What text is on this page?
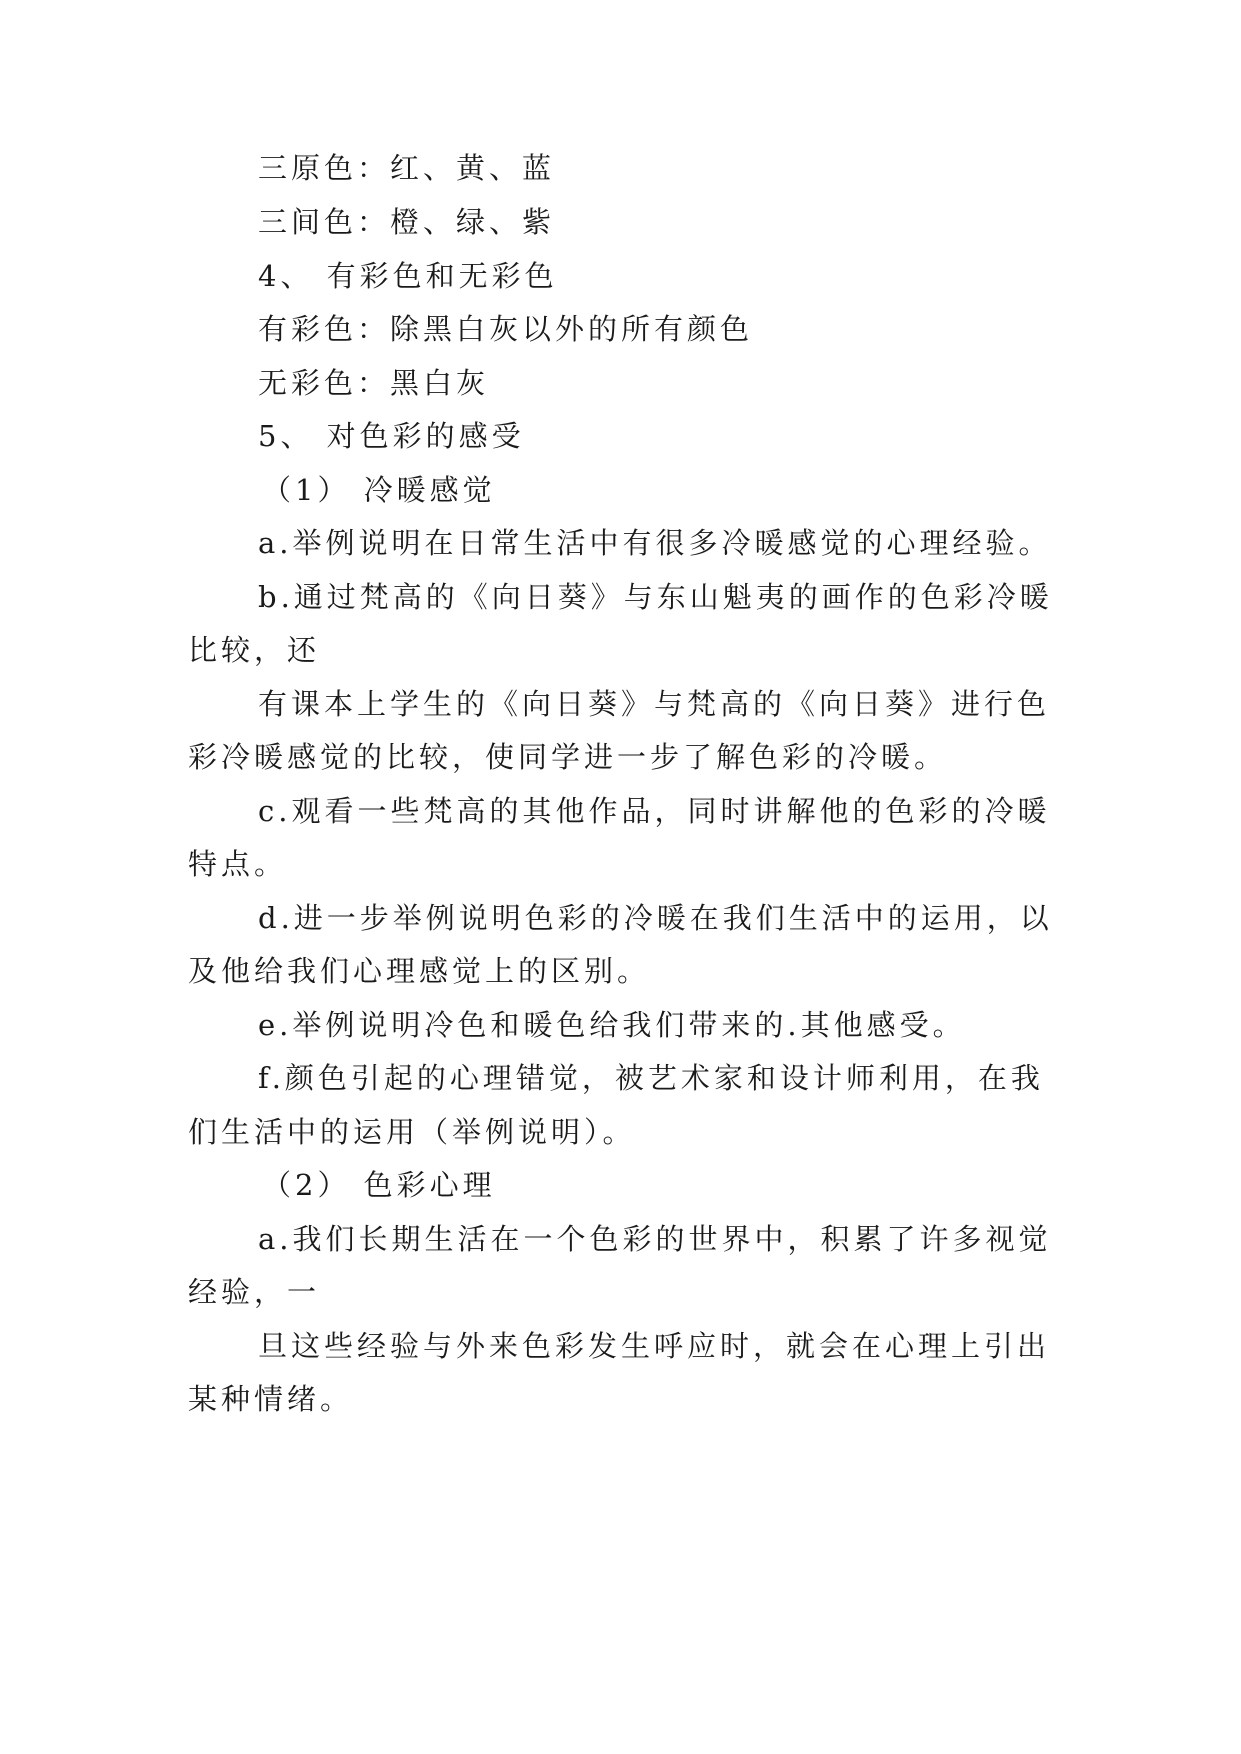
三原色：红、黄、蓝
三间色：橙、绿、紫
4、 有彩色和无彩色
有彩色：除黑白灰以外的所有颜色
无彩色：黑白灰
5、 对色彩的感受
（1） 冷暖感觉
a.举例说明在日常生活中有很多冷暖感觉的心理经验。
b.通过梵高的《向日葵》与东山魁夷的画作的色彩冷暖
比较，还
有课本上学生的《向日葵》与梵高的《向日葵》进行色
彩冷暖感觉的比较，使同学进一步了解色彩的冷暖。
c.观看一些梵高的其他作品，同时讲解他的色彩的冷暖
特点。
d.进一步举例说明色彩的冷暖在我们生活中的运用，以
及他给我们心理感觉上的区别。
e.举例说明冷色和暖色给我们带来的.其他感受。
f.颜色引起的心理错觉，被艺术家和设计师利用，在我
们生活中的运用（举例说明）。
（2） 色彩心理
a.我们长期生活在一个色彩的世界中，积累了许多视觉
经验，一
旦这些经验与外来色彩发生呼应时，就会在心理上引出
某种情绪。
